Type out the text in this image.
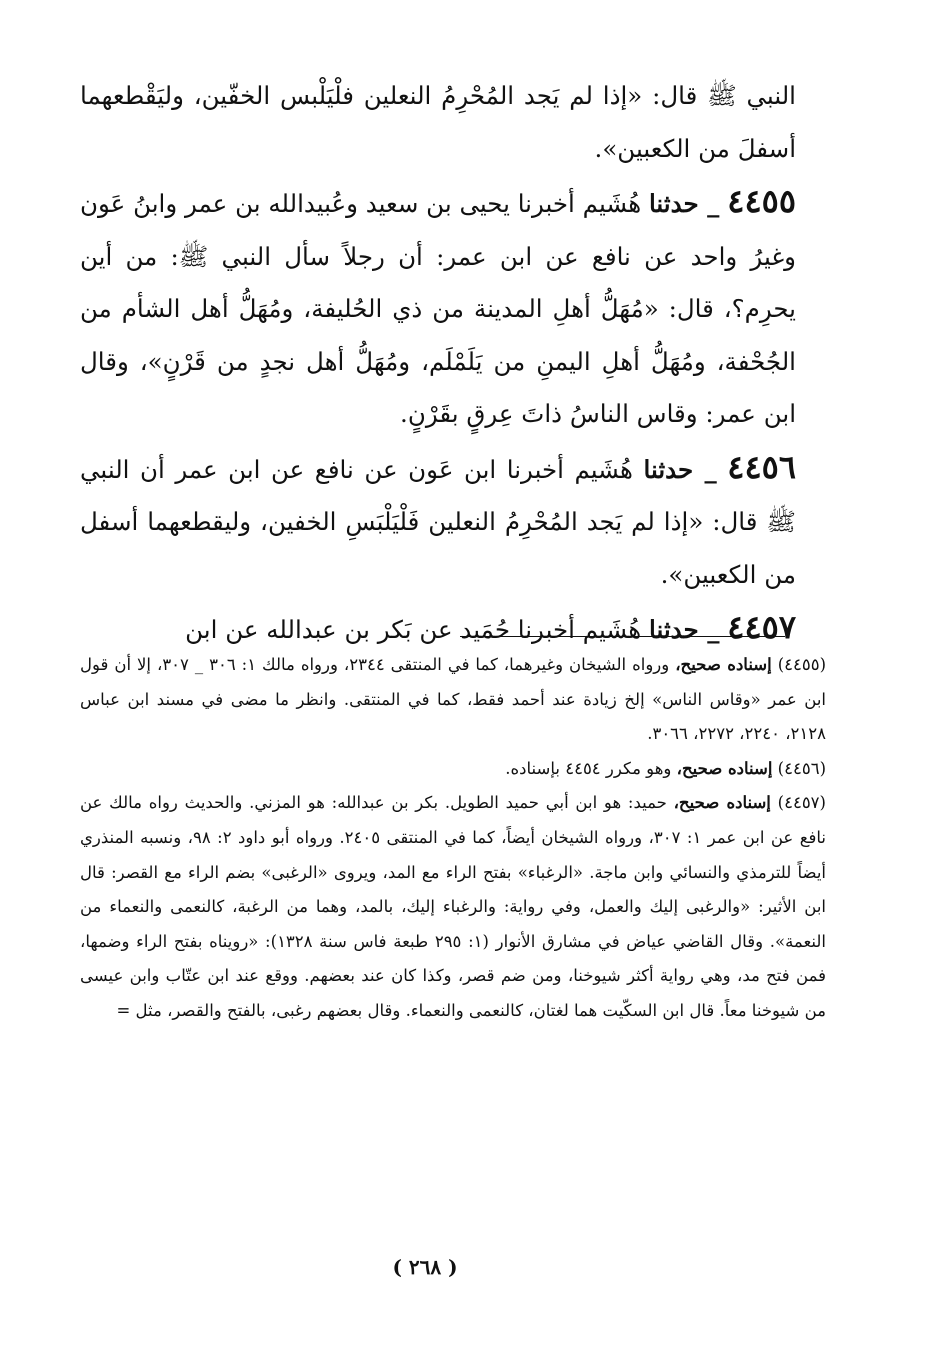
النبي ﷺ قال: «إذا لم يَجد المُحْرِمُ النعلين فلْيَلْبس الخفّين، وليَقْطعهما أسفلَ من الكعبين».

٤٤٥٥ _ حدثنا هُشَيم أخبرنا يحيى بن سعيد وعُبيدالله بن عمر وابنُ عَون وغيرُ واحد عن نافع عن ابن عمر: أن رجلاً سأل النبي ﷺ: من أين يحرِم؟، قال: «مُهَلُّ أهلِ المدينة من ذي الحُليفة، ومُهَلُّ أهل الشأم من الجُحْفة، ومُهَلُّ أهلِ اليمنِ من يَلَمْلَم، ومُهَلُّ أهل نجدٍ من قَرْنٍ»، وقال ابن عمر: وقاس الناسُ ذاتَ عِرقٍ بقَرْنٍ.

٤٤٥٦ _ حدثنا هُشَيم أخبرنا ابن عَون عن نافع عن ابن عمر أن النبي ﷺ قال: «إذا لم يَجد المُحْرِمُ النعلين فَلْيَلْبَسِ الخفين، وليقطعهما أسفل من الكعبين».

٤٤٥٧ _ حدثنا هُشَيم أخبرنا حُمَيد عن بَكر بن عبدالله عن ابن

(٤٤٥٥) إسناده صحيح، ورواه الشيخان وغيرهما، كما في المنتقى ٢٣٤٤، ورواه مالك ١: ٣٠٦ _ ٣٠٧، إلا أن قول ابن عمر «وقاس الناس» إلخ زيادة عند أحمد فقط، كما في المنتقى. وانظر ما مضى في مسند ابن عباس ٢١٢٨، ٢٢٤٠، ٢٢٧٢، ٣٠٦٦.

(٤٤٥٦) إسناده صحيح، وهو مكرر ٤٤٥٤ بإسناده.

(٤٤٥٧) إسناده صحيح، حميد: هو ابن أبي حميد الطويل. بكر بن عبدالله: هو المزني. والحديث رواه مالك عن نافع عن ابن عمر ١: ٣٠٧، ورواه الشيخان أيضاً، كما في المنتقى ٢٤٠٥. ورواه أبو داود ٢: ٩٨، ونسبه المنذري أيضاً للترمذي والنسائي وابن ماجة. «الرغباء» بفتح الراء مع المد، ويروى «الرغبى» بضم الراء مع القصر: قال ابن الأثير: «والرغبى إليك والعمل، وفي رواية: والرغباء إليك، بالمد، وهما من الرغبة، كالنعمى والنعماء من النعمة». وقال القاضي عياض في مشارق الأنوار (١: ٢٩٥ طبعة فاس سنة ١٣٢٨): «رويناه بفتح الراء وضمها، فمن فتح مد، وهي رواية أكثر شيوخنا، ومن ضم قصر، وكذا كان عند بعضهم. ووقع عند ابن عتّاب وابن عيسى من شيوخنا معاً. قال ابن السكّيت هما لغتان، كالنعمى والنعماء. وقال بعضهم رغبى، بالفتح والقصر، مثل =

( ٢٦٨ )
